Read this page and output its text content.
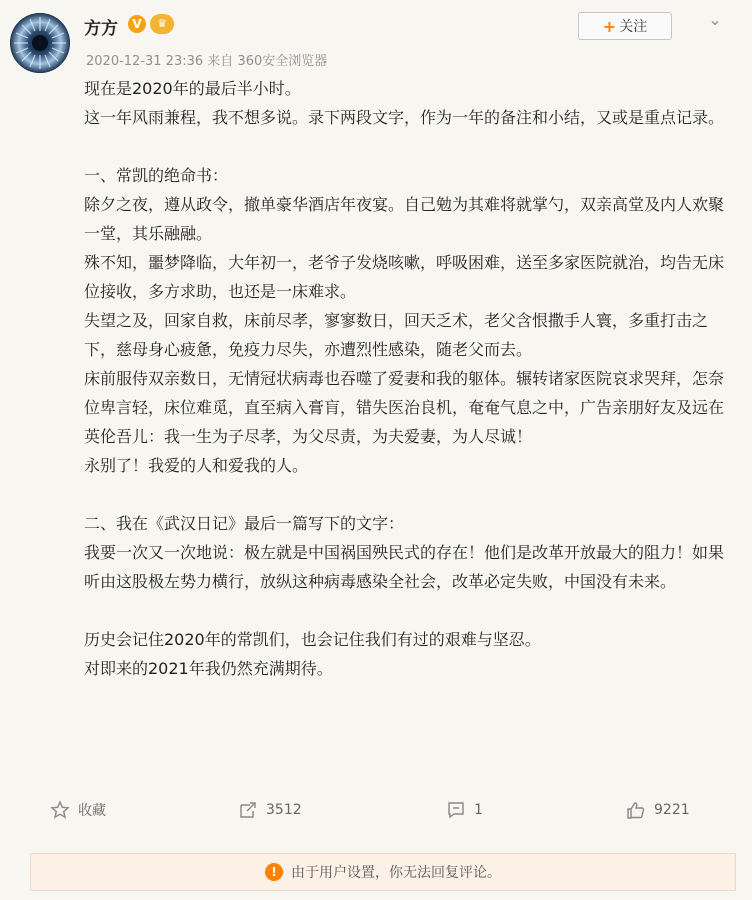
方方	V	♛
2020-12-31 23:36 来自 360安全浏览器
+ 关注	⌄

现在是2020年的最后半小时。

这一年风雨兼程，我不想多说。录下两段文字，作为一年的备注和小结，又或是重点记录。

一、常凯的绝命书：

除夕之夜，遵从政令，撤单豪华酒店年夜宴。自己勉为其难将就掌勺，双亲高堂及内人欢聚一堂，其乐融融。

殊不知，噩梦降临，大年初一，老爷子发烧咳嗽，呼吸困难，送至多家医院就治，均告无床位接收，多方求助，也还是一床难求。

失望之及，回家自救，床前尽孝，寥寥数日，回天乏术，老父含恨撒手人寰，多重打击之下，慈母身心疲惫，免疫力尽失，亦遭烈性感染，随老父而去。

床前服侍双亲数日，无情冠状病毒也吞噬了爱妻和我的躯体。辗转诸家医院哀求哭拜，怎奈位卑言轻，床位难觅，直至病入膏肓，错失医治良机，奄奄气息之中，广告亲朋好友及远在英伦吾儿：我一生为子尽孝，为父尽责，为夫爱妻，为人尽诚！

永别了！我爱的人和爱我的人。

二、我在《武汉日记》最后一篇写下的文字：

我要一次又一次地说：极左就是中国祸国殃民式的存在！他们是改革开放最大的阻力！如果听由这股极左势力横行，放纵这种病毒感染全社会，改革必定失败，中国没有未来。

历史会记住2020年的常凯们，也会记住我们有过的艰难与坚忍。

对即来的2021年我仍然充满期待。

收藏	3512	1	9221
!	由于用户设置，你无法回复评论。
